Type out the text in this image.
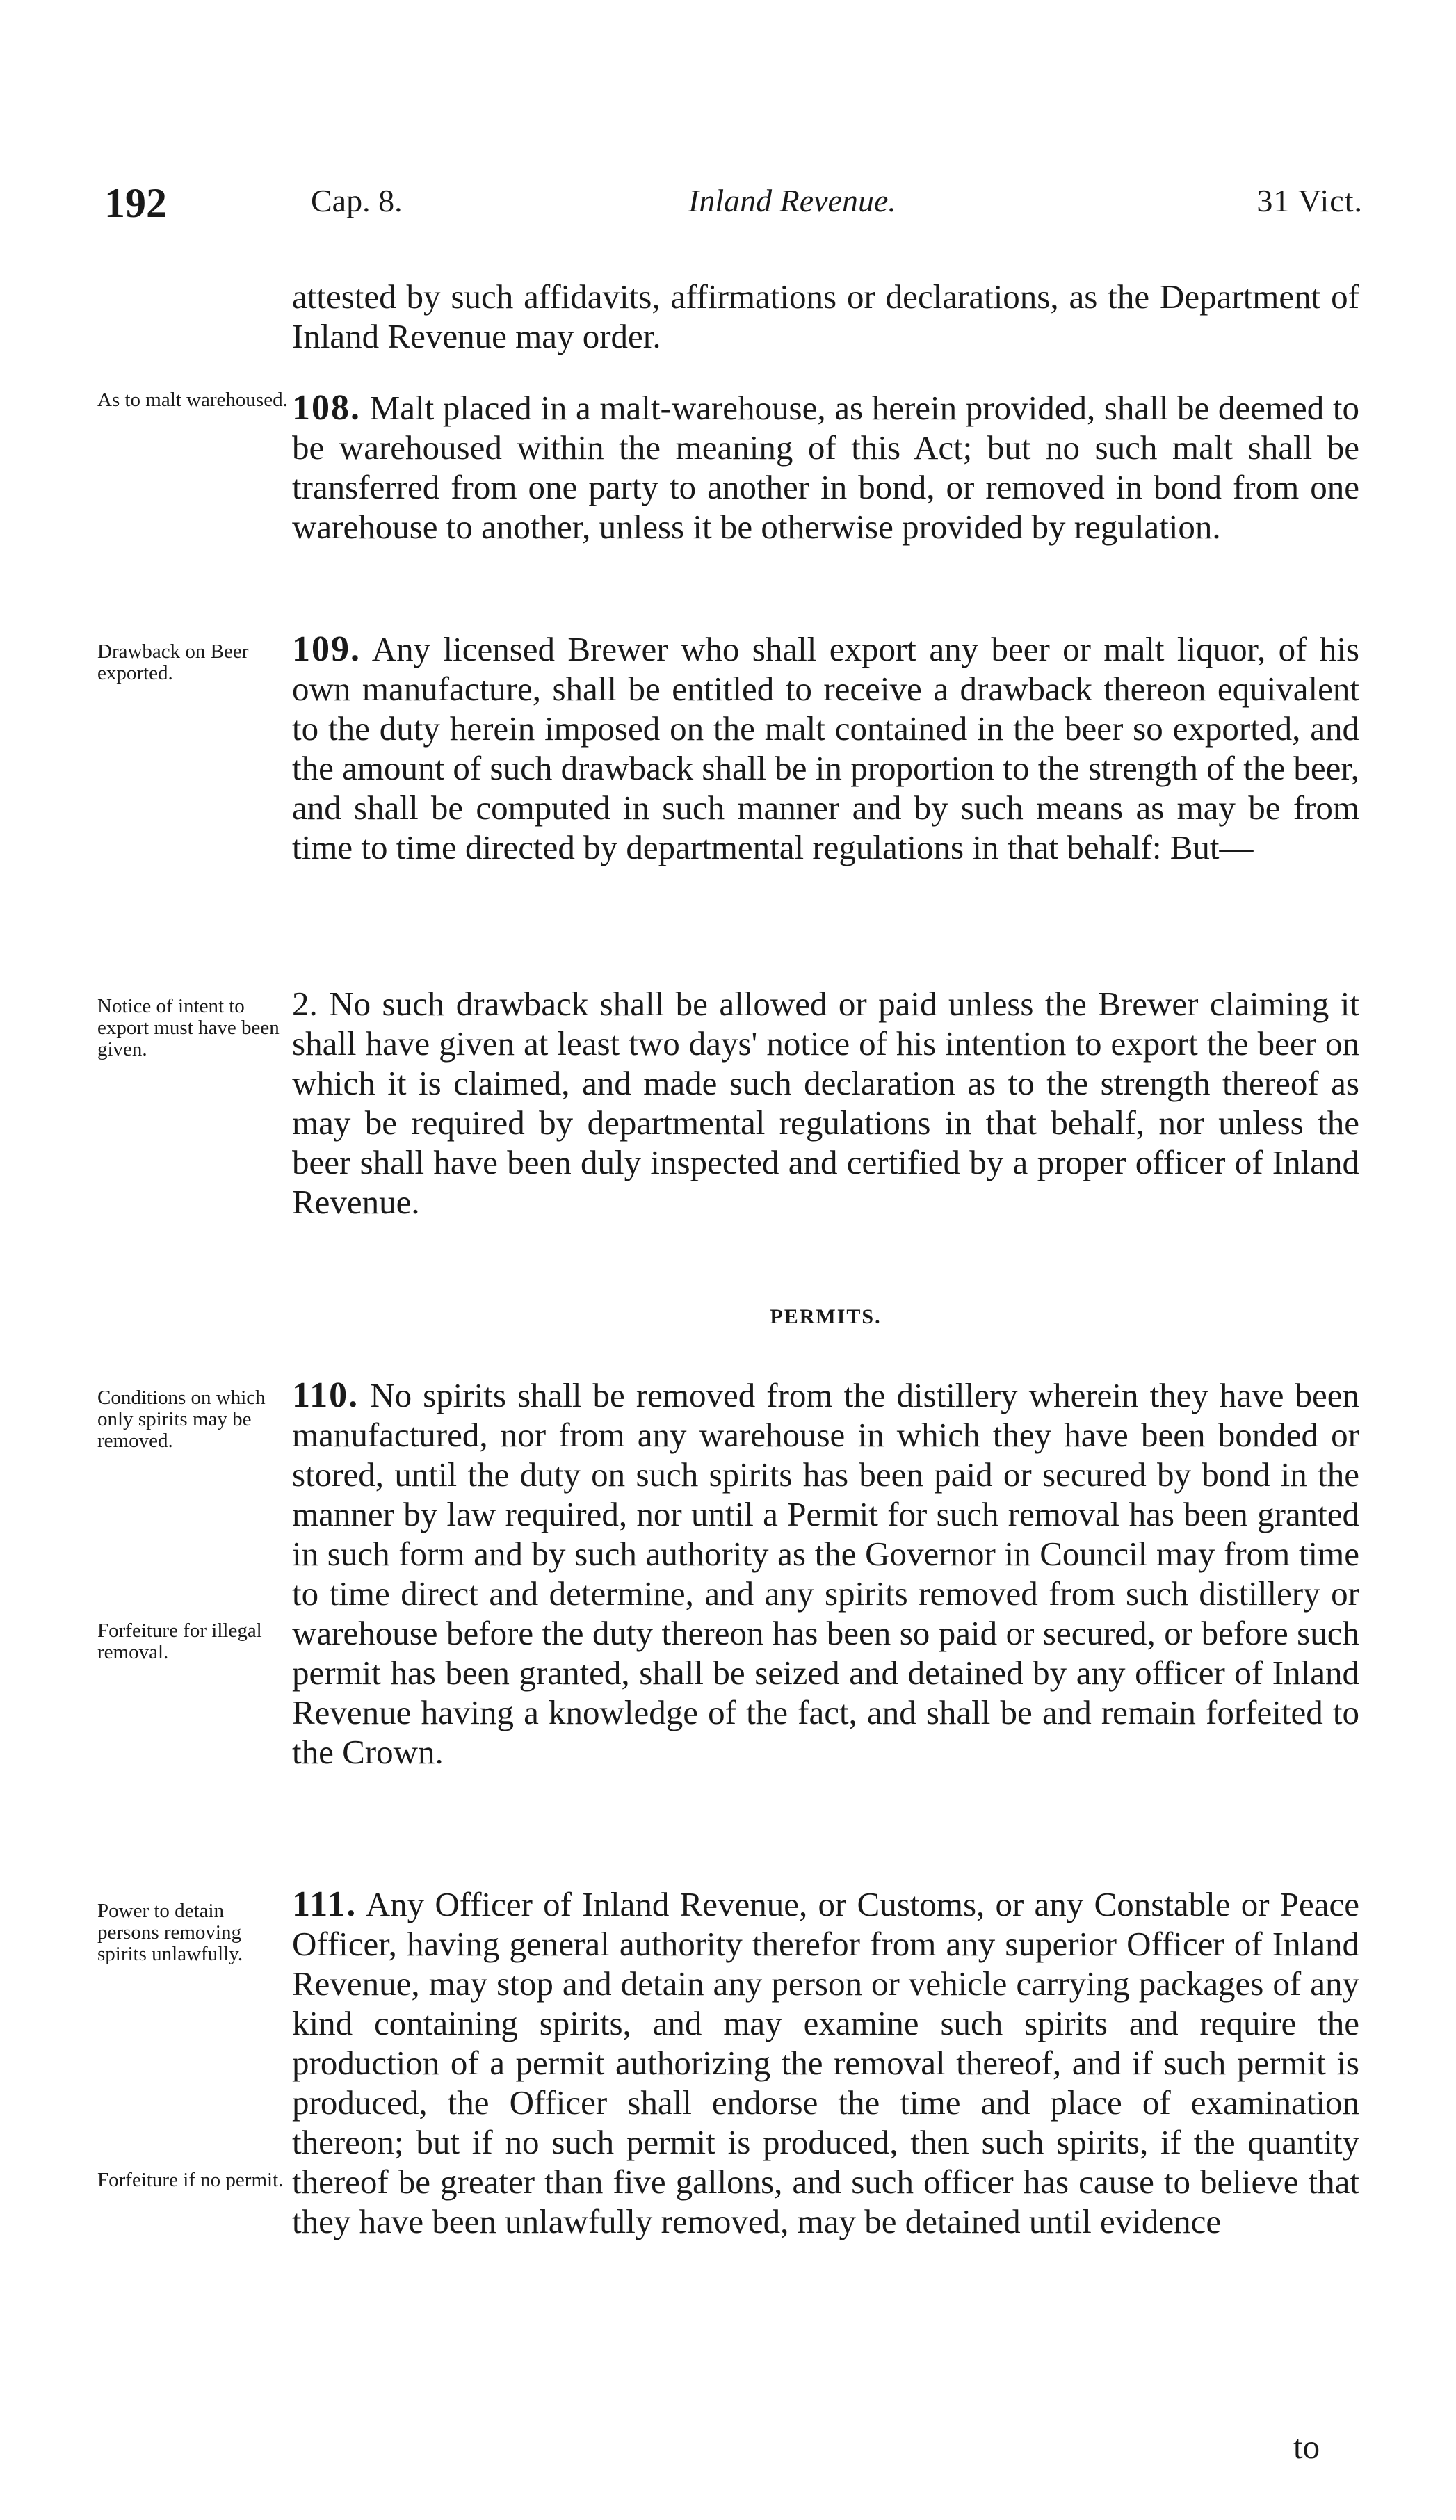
192	Cap. 8.	Inland Revenue.	31 Vict.
attested by such affidavits, affirmations or declarations, as the Department of Inland Revenue may order.
As to malt warehoused. 108. Malt placed in a malt-warehouse, as herein provided, shall be deemed to be warehoused within the meaning of this Act; but no such malt shall be transferred from one party to another in bond, or removed in bond from one warehouse to another, unless it be otherwise provided by regulation.
Drawback on Beer exported.
109. Any licensed Brewer who shall export any beer or malt liquor, of his own manufacture, shall be entitled to receive a drawback thereon equivalent to the duty herein imposed on the malt contained in the beer so exported, and the amount of such drawback shall be in proportion to the strength of the beer, and shall be computed in such manner and by such means as may be from time to time directed by departmental regulations in that behalf: But—
Notice of intent to export must have been given.
2. No such drawback shall be allowed or paid unless the Brewer claiming it shall have given at least two days' notice of his intention to export the beer on which it is claimed, and made such declaration as to the strength thereof as may be required by departmental regulations in that behalf, nor unless the beer shall have been duly inspected and certified by a proper officer of Inland Revenue.
PERMITS.
Conditions on which only spirits may be removed.
Forfeiture for illegal removal.
110. No spirits shall be removed from the distillery wherein they have been manufactured, nor from any warehouse in which they have been bonded or stored, until the duty on such spirits has been paid or secured by bond in the manner by law required, nor until a Permit for such removal has been granted in such form and by such authority as the Governor in Council may from time to time direct and determine, and any spirits removed from such distillery or warehouse before the duty thereon has been so paid or secured, or before such permit has been granted, shall be seized and detained by any officer of Inland Revenue having a knowledge of the fact, and shall be and remain forfeited to the Crown.
Power to detain persons removing spirits unlawfully.
Forfeiture if no permit.
111. Any Officer of Inland Revenue, or Customs, or any Constable or Peace Officer, having general authority therefor from any superior Officer of Inland Revenue, may stop and detain any person or vehicle carrying packages of any kind containing spirits, and may examine such spirits and require the production of a permit authorizing the removal thereof, and if such permit is produced, the Officer shall endorse the time and place of examination thereon; but if no such permit is produced, then such spirits, if the quantity thereof be greater than five gallons, and such officer has cause to believe that they have been unlawfully removed, may be detained until evidence
to
